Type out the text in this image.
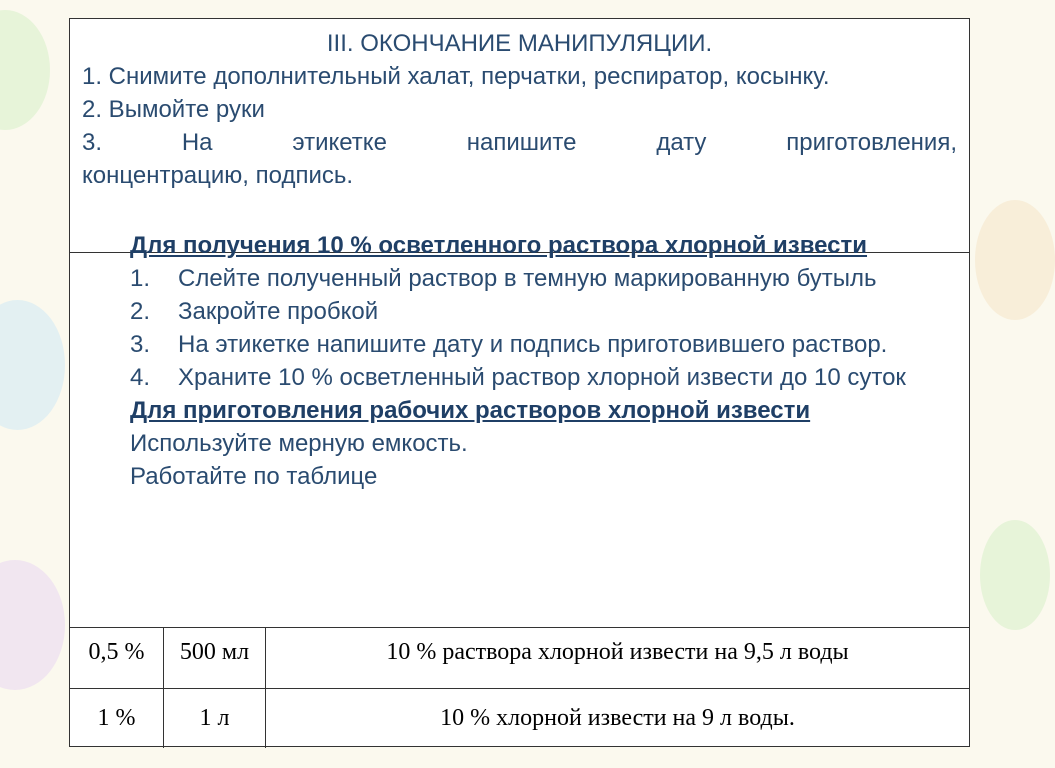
III. ОКОНЧАНИЕ МАНИПУЛЯЦИИ.

1. Снимите дополнительный халат, перчатки, респиратор, косынку.

2. Вымойте руки

3.        На        этикетке        напишите        дату        приготовления,

концентрацию, подпись.

Для получения 10 % осветленного раствора хлорной извести

1. Слейте полученный раствор в темную маркированную бутыль

2. Закройте пробкой

3. На этикетке напишите дату и подпись приготовившего раствор.

4. Храните 10 % осветленный раствор хлорной извести до 10 суток

Для приготовления рабочих растворов хлорной извести

Используйте мерную емкость.

Работайте по таблице

0,5 %	500 мл	10 % раствора хлорной извести на 9,5 л воды
1 %	1 л	10 % хлорной извести на 9 л воды.
